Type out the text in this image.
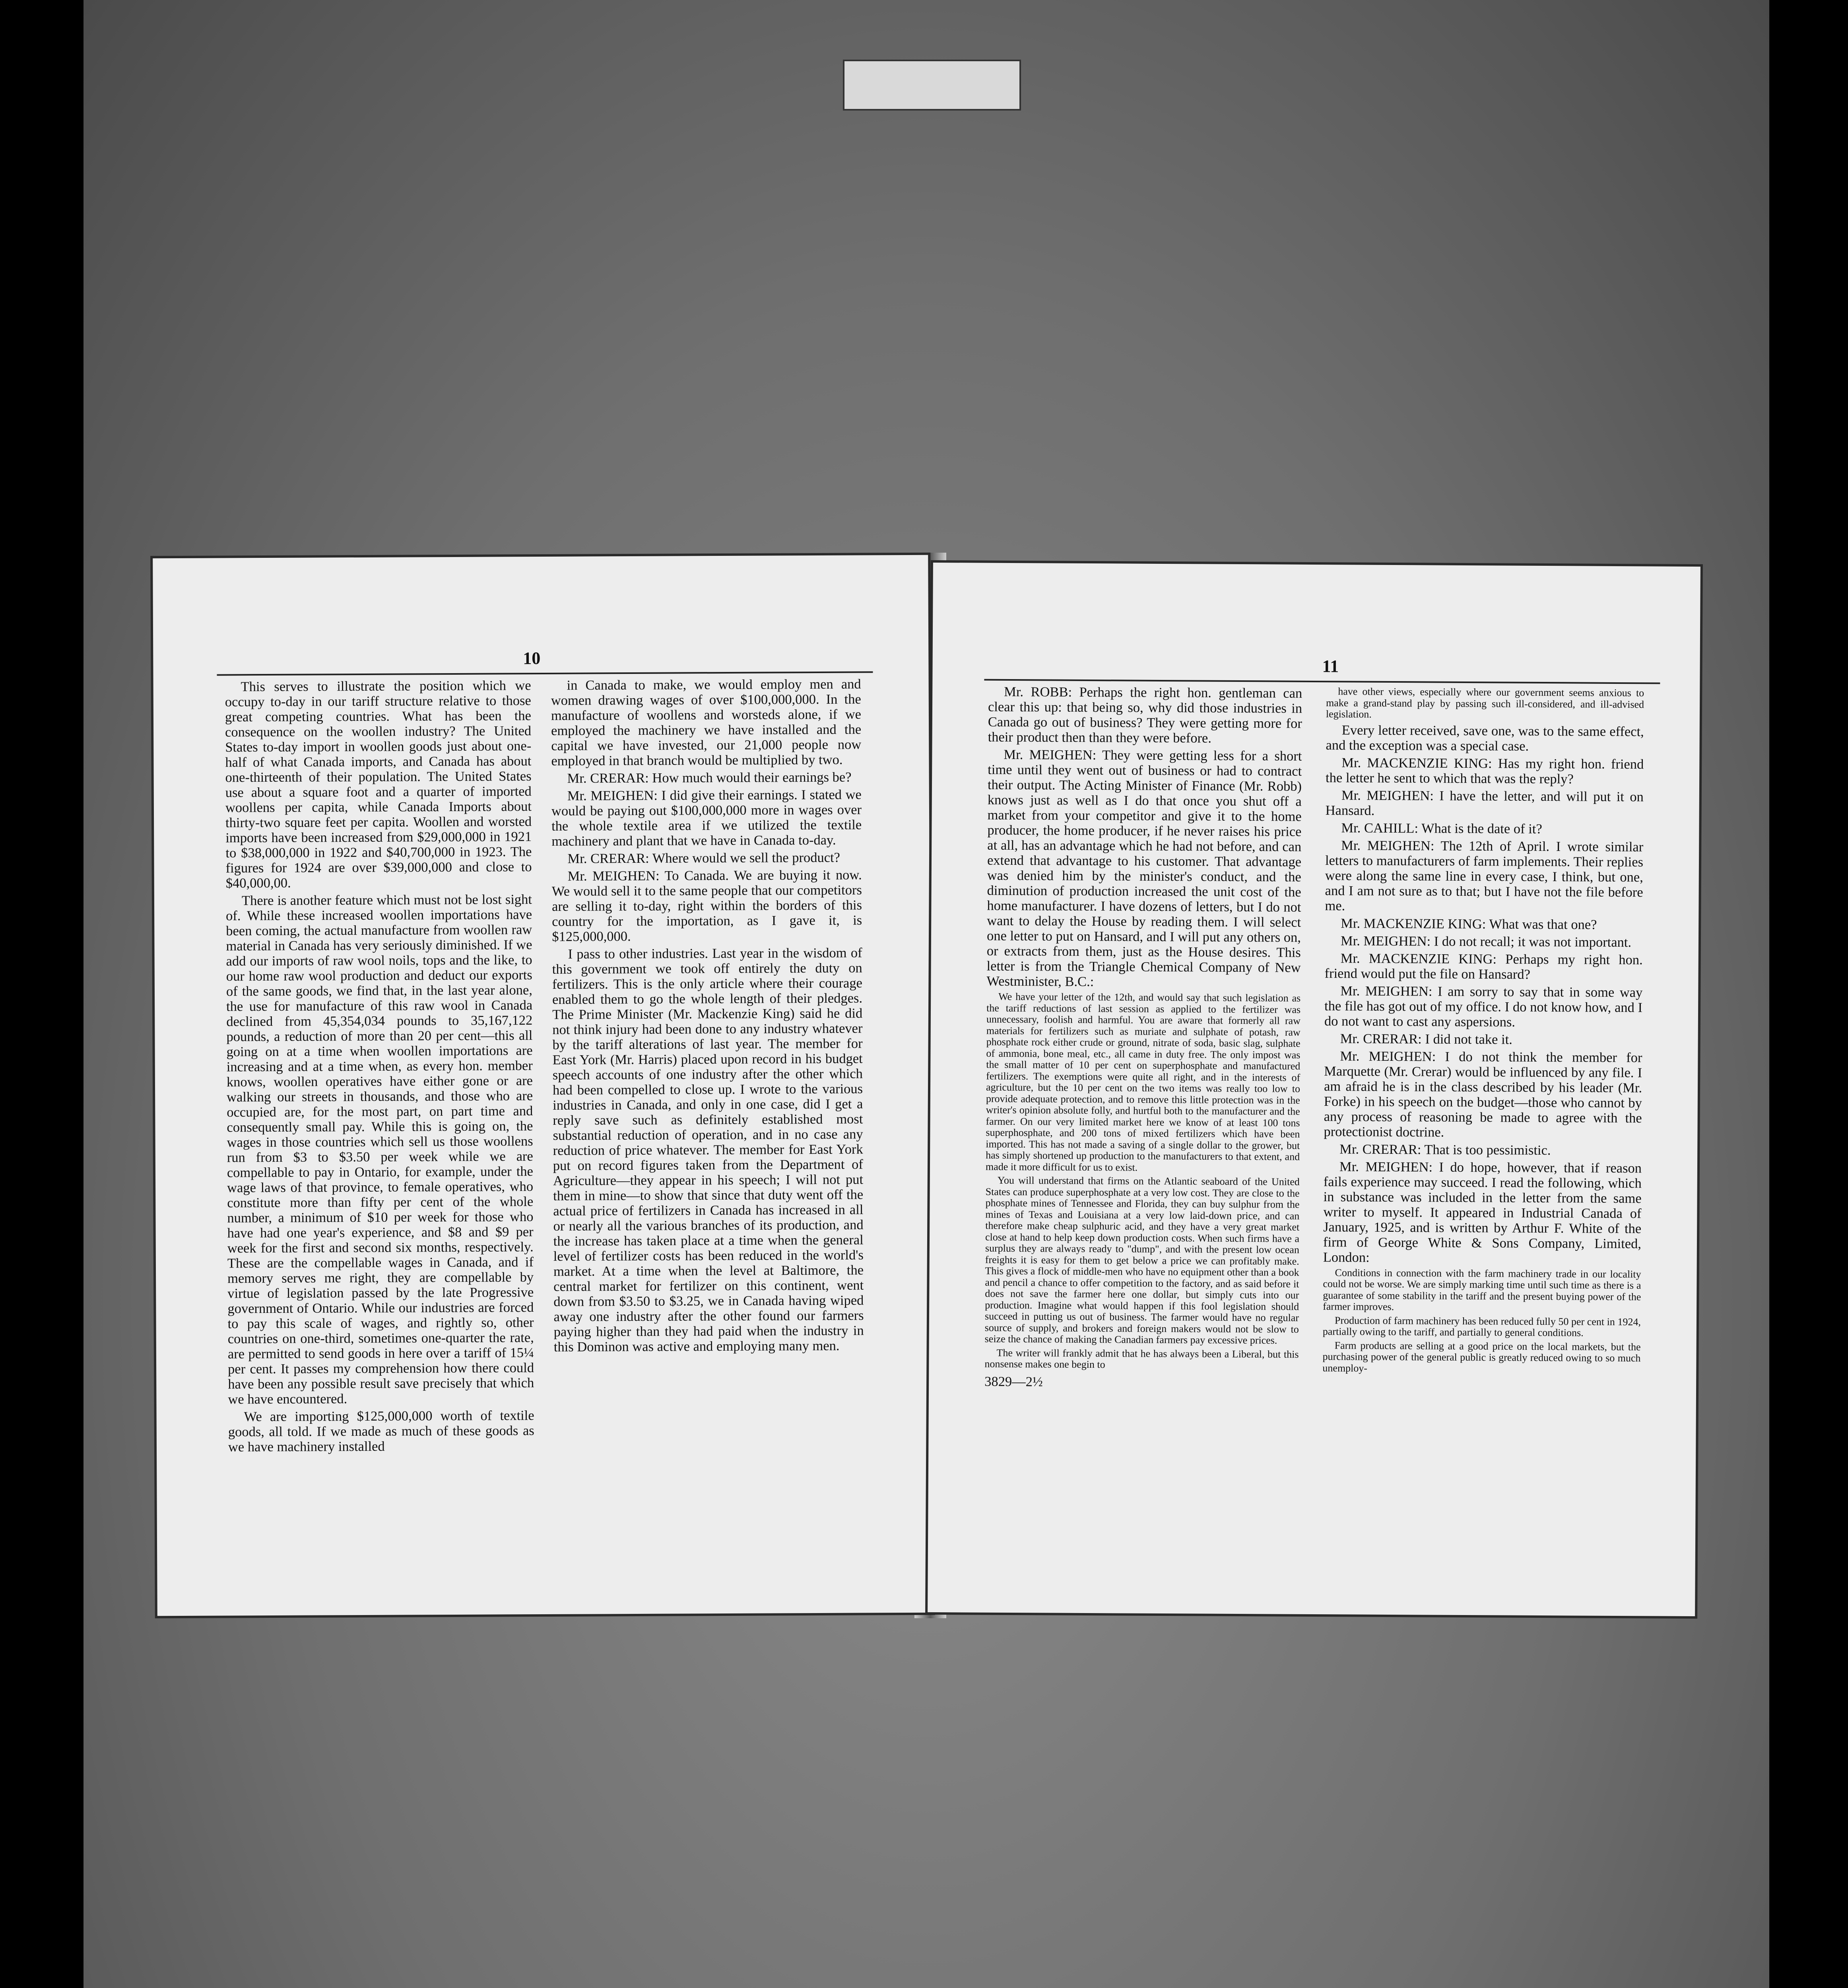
10

This serves to illustrate the position which we occupy to-day in our tariff structure relative to those great competing countries. What has been the consequence on the woollen industry? The United States to-day import in woollen goods just about one-half of what Canada imports, and Canada has about one-thirteenth of their population. The United States use about a square foot and a quarter of imported woollens per capita, while Canada Imports about thirty-two square feet per capita. Woollen and worsted imports have been increased from $29,000,000 in 1921 to $38,000,000 in 1922 and $40,700,000 in 1923. The figures for 1924 are over $39,000,000 and close to $40,000,00.

There is another feature which must not be lost sight of. While these increased woollen importations have been coming, the actual manufacture from woollen raw material in Canada has very seriously diminished. If we add our imports of raw wool noils, tops and the like, to our home raw wool production and deduct our exports of the same goods, we find that, in the last year alone, the use for manufacture of this raw wool in Canada declined from 45,354,034 pounds to 35,167,122 pounds, a reduction of more than 20 per cent—this all going on at a time when woollen importations are increasing and at a time when, as every hon. member knows, woollen operatives have either gone or are walking our streets in thousands, and those who are occupied are, for the most part, on part time and consequently small pay. While this is going on, the wages in those countries which sell us those woollens run from $3 to $3.50 per week while we are compellable to pay in Ontario, for example, under the wage laws of that province, to female operatives, who constitute more than fifty per cent of the whole number, a minimum of $10 per week for those who have had one year's experience, and $8 and $9 per week for the first and second six months, respectively. These are the compellable wages in Canada, and if memory serves me right, they are compellable by virtue of legislation passed by the late Progressive government of Ontario. While our industries are forced to pay this scale of wages, and rightly so, other countries on one-third, sometimes one-quarter the rate, are permitted to send goods in here over a tariff of 15¼ per cent. It passes my comprehension how there could have been any possible result save precisely that which we have encountered.

We are importing $125,000,000 worth of textile goods, all told. If we made as much of these goods as we have machinery installed

in Canada to make, we would employ men and women drawing wages of over $100,000,000. In the manufacture of woollens and worsteds alone, if we employed the machinery we have installed and the capital we have invested, our 21,000 people now employed in that branch would be multiplied by two.

Mr. CRERAR: How much would their earnings be?

Mr. MEIGHEN: I did give their earnings. I stated we would be paying out $100,000,000 more in wages over the whole textile area if we utilized the textile machinery and plant that we have in Canada to-day.

Mr. CRERAR: Where would we sell the product?

Mr. MEIGHEN: To Canada. We are buying it now. We would sell it to the same people that our competitors are selling it to-day, right within the borders of this country for the importation, as I gave it, is $125,000,000.

I pass to other industries. Last year in the wisdom of this government we took off entirely the duty on fertilizers. This is the only article where their courage enabled them to go the whole length of their pledges. The Prime Minister (Mr. Mackenzie King) said he did not think injury had been done to any industry whatever by the tariff alterations of last year. The member for East York (Mr. Harris) placed upon record in his budget speech accounts of one industry after the other which had been compelled to close up. I wrote to the various industries in Canada, and only in one case, did I get a reply save such as definitely established most substantial reduction of operation, and in no case any reduction of price whatever. The member for East York put on record figures taken from the Department of Agriculture—they appear in his speech; I will not put them in mine—to show that since that duty went off the actual price of fertilizers in Canada has increased in all or nearly all the various branches of its production, and the increase has taken place at a time when the general level of fertilizer costs has been reduced in the world's market. At a time when the level at Baltimore, the central market for fertilizer on this continent, went down from $3.50 to $3.25, we in Canada having wiped away one industry after the other found our farmers paying higher than they had paid when the industry in this Dominon was active and employing many men.

11

Mr. ROBB: Perhaps the right hon. gentleman can clear this up: that being so, why did those industries in Canada go out of business? They were getting more for their product then than they were before.

Mr. MEIGHEN: They were getting less for a short time until they went out of business or had to contract their output. The Acting Minister of Finance (Mr. Robb) knows just as well as I do that once you shut off a market from your competitor and give it to the home producer, the home producer, if he never raises his price at all, has an advantage which he had not before, and can extend that advantage to his customer. That advantage was denied him by the minister's conduct, and the diminution of production increased the unit cost of the home manufacturer. I have dozens of letters, but I do not want to delay the House by reading them. I will select one letter to put on Hansard, and I will put any others on, or extracts from them, just as the House desires. This letter is from the Triangle Chemical Company of New Westminister, B.C.:

We have your letter of the 12th, and would say that such legislation as the tariff reductions of last session as applied to the fertilizer was unnecessary, foolish and harmful. You are aware that formerly all raw materials for fertilizers such as muriate and sulphate of potash, raw phosphate rock either crude or ground, nitrate of soda, basic slag, sulphate of ammonia, bone meal, etc., all came in duty free. The only impost was the small matter of 10 per cent on superphosphate and manufactured fertilizers. The exemptions were quite all right, and in the interests of agriculture, but the 10 per cent on the two items was really too low to provide adequate protection, and to remove this little protection was in the writer's opinion absolute folly, and hurtful both to the manufacturer and the farmer. On our very limited market here we know of at least 100 tons superphosphate, and 200 tons of mixed fertilizers which have been imported. This has not made a saving of a single dollar to the grower, but has simply shortened up production to the manufacturers to that extent, and made it more difficult for us to exist.

You will understand that firms on the Atlantic seaboard of the United States can produce superphosphate at a very low cost. They are close to the phosphate mines of Tennessee and Florida, they can buy sulphur from the mines of Texas and Louisiana at a very low laid-down price, and can therefore make cheap sulphuric acid, and they have a very great market close at hand to help keep down production costs. When such firms have a surplus they are always ready to "dump", and with the present low ocean freights it is easy for them to get below a price we can profitably make. This gives a flock of middle-men who have no equipment other than a book and pencil a chance to offer competition to the factory, and as said before it does not save the farmer here one dollar, but simply cuts into our production. Imagine what would happen if this fool legislation should succeed in putting us out of business. The farmer would have no regular source of supply, and brokers and foreign makers would not be slow to seize the chance of making the Canadian farmers pay excessive prices.

The writer will frankly admit that he has always been a Liberal, but this nonsense makes one begin to

3829—2½

have other views, especially where our government seems anxious to make a grand-stand play by passing such ill-considered, and ill-advised legislation.

Every letter received, save one, was to the same effect, and the exception was a special case.

Mr. MACKENZIE KING: Has my right hon. friend the letter he sent to which that was the reply?

Mr. MEIGHEN: I have the letter, and will put it on Hansard.

Mr. CAHILL: What is the date of it?

Mr. MEIGHEN: The 12th of April. I wrote similar letters to manufacturers of farm implements. Their replies were along the same line in every case, I think, but one, and I am not sure as to that; but I have not the file before me.

Mr. MACKENZIE KING: What was that one?

Mr. MEIGHEN: I do not recall; it was not important.

Mr. MACKENZIE KING: Perhaps my right hon. friend would put the file on Hansard?

Mr. MEIGHEN: I am sorry to say that in some way the file has got out of my office. I do not know how, and I do not want to cast any aspersions.

Mr. CRERAR: I did not take it.

Mr. MEIGHEN: I do not think the member for Marquette (Mr. Crerar) would be influenced by any file. I am afraid he is in the class described by his leader (Mr. Forke) in his speech on the budget—those who cannot by any process of reasoning be made to agree with the protectionist doctrine.

Mr. CRERAR: That is too pessimistic.

Mr. MEIGHEN: I do hope, however, that if reason fails experience may succeed. I read the following, which in substance was included in the letter from the same writer to myself. It appeared in Industrial Canada of January, 1925, and is written by Arthur F. White of the firm of George White & Sons Company, Limited, London:

Conditions in connection with the farm machinery trade in our locality could not be worse. We are simply marking time until such time as there is a guarantee of some stability in the tariff and the present buying power of the farmer improves.

Production of farm machinery has been reduced fully 50 per cent in 1924, partially owing to the tariff, and partially to general conditions.

Farm products are selling at a good price on the local markets, but the purchasing power of the general public is greatly reduced owing to so much unemploy-
